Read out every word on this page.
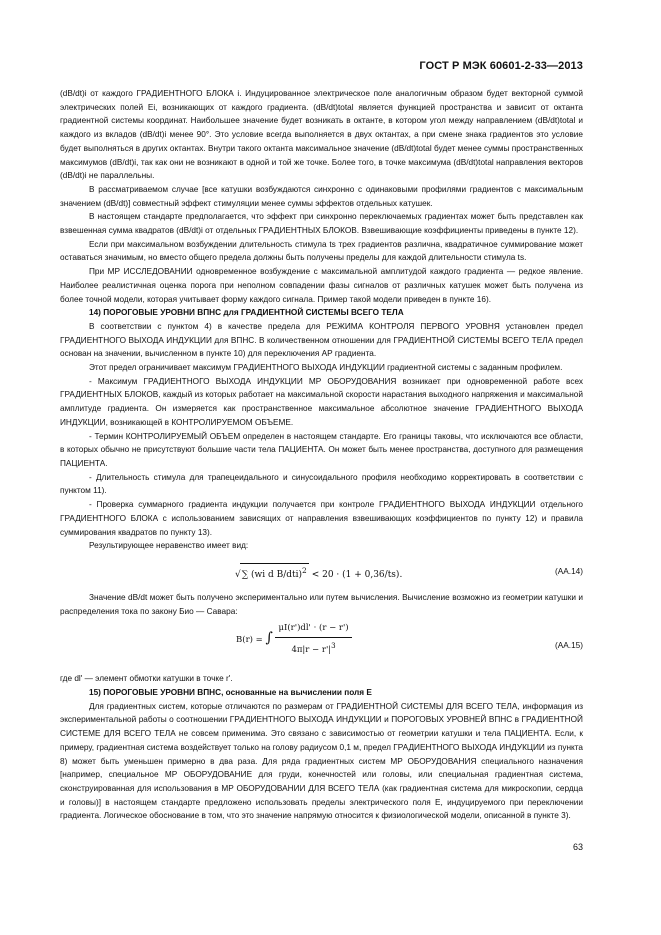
ГОСТ Р МЭК 60601-2-33—2013

(dB/dt)i от каждого ГРАДИЕНТНОГО БЛОКА i. Индуцированное электрическое поле аналогичным образом будет векторной суммой электрических полей Ei, возникающих от каждого градиента. (dB/dt)total является функцией пространства и зависит от октанта градиентной системы координат. Наибольшее значение будет возникать в октанте, в котором угол между направлением (dB/dt)total и каждого из вкладов (dB/dt)i менее 90°. Это условие всегда выполняется в двух октантах, а при смене знака градиентов это условие будет выполняться в других октантах. Внутри такого октанта максимальное значение (dB/dt)total будет менее суммы пространственных максимумов (dB/dt)i, так как они не возникают в одной и той же точке. Более того, в точке максимума (dB/dt)total направления векторов (dB/dt)i не параллельны.

В рассматриваемом случае [все катушки возбуждаются синхронно с одинаковыми профилями градиентов с максимальным значением (dB/dt)] совместный эффект стимуляции менее суммы эффектов отдельных катушек.

В настоящем стандарте предполагается, что эффект при синхронно переключаемых градиентах может быть представлен как взвешенная сумма квадратов (dB/dt)i от отдельных ГРАДИЕНТНЫХ БЛОКОВ. Взвешивающие коэффициенты приведены в пункте 12).

Если при максимальном возбуждении длительность стимула ts трех градиентов различна, квадратичное суммирование может оставаться значимым, но вместо общего предела должны быть получены пределы для каждой длительности стимула ts.

При МР ИССЛЕДОВАНИИ одновременное возбуждение с максимальной амплитудой каждого градиента — редкое явление. Наиболее реалистичная оценка порога при неполном совпадении фазы сигналов от различных катушек может быть получена из более точной модели, которая учитывает форму каждого сигнала. Пример такой модели приведен в пункте 16).

14) ПОРОГОВЫЕ УРОВНИ ВПНС для ГРАДИЕНТНОЙ СИСТЕМЫ ВСЕГО ТЕЛА

В соответствии с пунктом 4) в качестве предела для РЕЖИМА КОНТРОЛЯ ПЕРВОГО УРОВНЯ установлен предел ГРАДИЕНТНОГО ВЫХОДА ИНДУКЦИИ для ВПНС. В количественном отношении для ГРАДИЕНТНОЙ СИСТЕМЫ ВСЕГО ТЕЛА предел основан на значении, вычисленном в пункте 10) для переключения AP градиента.

Этот предел ограничивает максимум ГРАДИЕНТНОГО ВЫХОДА ИНДУКЦИИ градиентной системы с заданным профилем.

- Максимум ГРАДИЕНТНОГО ВЫХОДА ИНДУКЦИИ МР ОБОРУДОВАНИЯ возникает при одновременной работе всех ГРАДИЕНТНЫХ БЛОКОВ, каждый из которых работает на максимальной скорости нарастания выходного напряжения и максимальной амплитуде градиента. Он измеряется как пространственное максимальное абсолютное значение ГРАДИЕНТНОГО ВЫХОДА ИНДУКЦИИ, возникающей в КОНТРОЛИРУЕМОМ ОБЪЕМЕ.

- Термин КОНТРОЛИРУЕМЫЙ ОБЪЕМ определен в настоящем стандарте. Его границы таковы, что исключаются все области, в которых обычно не присутствуют большие части тела ПАЦИЕНТА. Он может быть менее пространства, доступного для размещения ПАЦИЕНТА.

- Длительность стимула для трапецеидального и синусоидального профиля необходимо корректировать в соответствии с пунктом 11).

- Проверка суммарного градиента индукции получается при контроле ГРАДИЕНТНОГО ВЫХОДА ИНДУКЦИИ отдельного ГРАДИЕНТНОГО БЛОКА с использованием зависящих от направления взвешивающих коэффициентов по пункту 12) и правила суммирования квадратов по пункту 13).

Результирующее неравенство имеет вид:

√∑ (wi d B/dti)$^2$ < 20 · (1 + 0,36/ts).	(AA.14)

Значение dB/dt может быть получено экспериментально или путем вычисления. Вычисление возможно из геометрии катушки и распределения тока по закону Био — Савара:

B(r) = ∫ $\frac{\mu I(r')dl' \cdot (r - r')}{4\pi|r - r'|^3}$	(AA.15)

где dl' — элемент обмотки катушки в точке r'.

15) ПОРОГОВЫЕ УРОВНИ ВПНС, основанные на вычислении поля E

Для градиентных систем, которые отличаются по размерам от ГРАДИЕНТНОЙ СИСТЕМЫ ДЛЯ ВСЕГО ТЕЛА, информация из экспериментальной работы о соотношении ГРАДИЕНТНОГО ВЫХОДА ИНДУКЦИИ и ПОРОГОВЫХ УРОВНЕЙ ВПНС в ГРАДИЕНТНОЙ СИСТЕМЕ ДЛЯ ВСЕГО ТЕЛА не совсем применима. Это связано с зависимостью от геометрии катушки и тела ПАЦИЕНТА. Если, к примеру, градиентная система воздействует только на голову радиусом 0,1 м, предел ГРАДИЕНТНОГО ВЫХОДА ИНДУКЦИИ из пункта 8) может быть уменьшен примерно в два раза. Для ряда градиентных систем МР ОБОРУДОВАНИЯ специального назначения [например, специальное МР ОБОРУДОВАНИЕ для груди, конечностей или головы, или специальная градиентная система, сконструированная для использования в МР ОБОРУДОВАНИИ ДЛЯ ВСЕГО ТЕЛА (как градиентная система для микроскопии, сердца и головы)] в настоящем стандарте предложено использовать пределы электрического поля E, индуцируемого при переключении градиента. Логическое обоснование в том, что это значение напрямую относится к физиологической модели, описанной в пункте 3).

63
